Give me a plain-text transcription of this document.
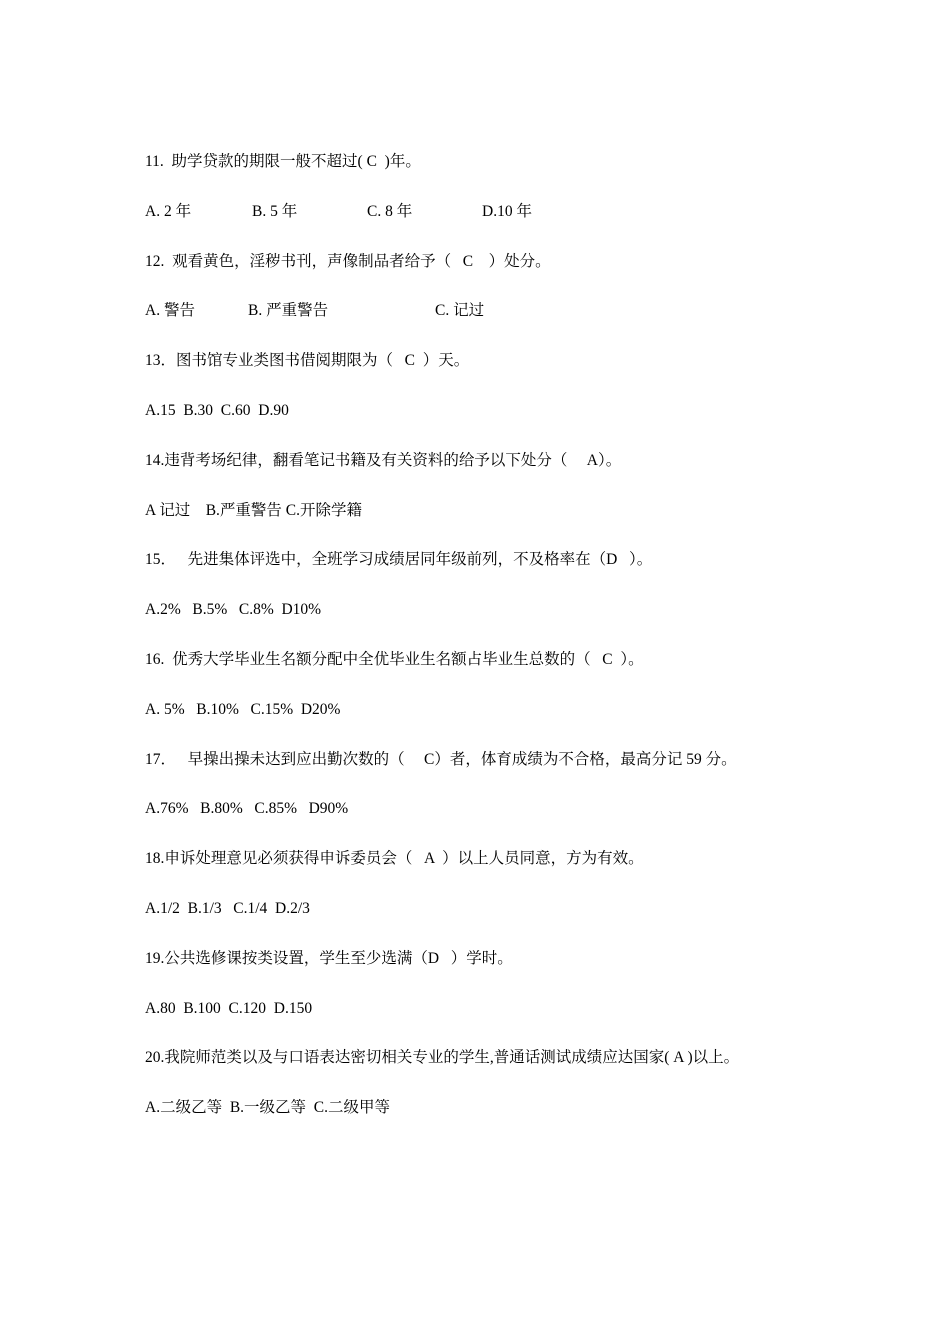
11.  助学贷款的期限一般不超过( C  )年。
A. 2 年	B. 5 年	C. 8 年	D.10 年
12.  观看黄色，淫秽书刊，声像制品者给予（   C    ）处分。
A. 警告	B. 严重警告	C. 记过
13．图书馆专业类图书借阅期限为（   C  ）天。
A.15  B.30  C.60  D.90
14.违背考场纪律，翻看笔记书籍及有关资料的给予以下处分（     A）。
A 记过    B.严重警告 C.开除学籍
15．   先进集体评选中，全班学习成绩居同年级前列，不及格率在（D   ）。
A.2%   B.5%   C.8%  D10%
16.  优秀大学毕业生名额分配中全优毕业生名额占毕业生总数的（   C  ）。
A. 5%   B.10%   C.15%  D20%
17．   早操出操未达到应出勤次数的（     C）者，体育成绩为不合格，最高分记 59 分。
A.76%   B.80%   C.85%   D90%
18.申诉处理意见必须获得申诉委员会（   A  ）以上人员同意，方为有效。
A.1/2  B.1/3   C.1/4  D.2/3
19.公共选修课按类设置，学生至少选满（D   ）学时。
A.80  B.100  C.120  D.150
20.我院师范类以及与口语表达密切相关专业的学生,普通话测试成绩应达国家( A )以上。
A.二级乙等  B.一级乙等  C.二级甲等
